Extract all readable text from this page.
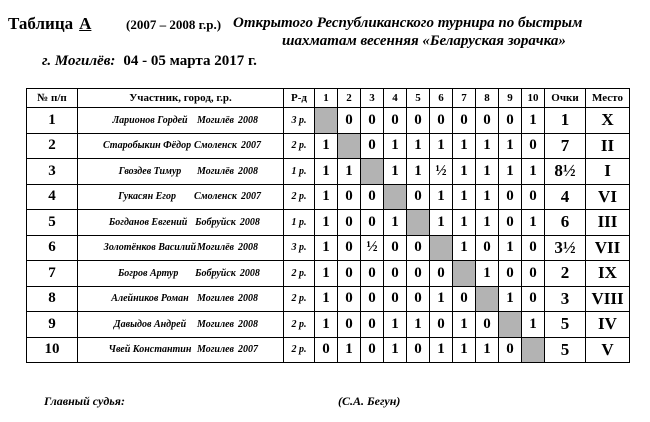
Таблица А	(2007 – 2008 г.р.) Открытого Республиканского турнира по быстрым
шахматам весенняя «Беларуская зорачка»
г. Могилёв: 04 - 05 марта 2017 г.
№ п/п	Участник, город, г.р.	Р-д	1	2	3	4	5	6	7	8	9	10	Очки	Место
1	Ларионов Гордей Могилёв 2008	3 р.		0	0	0	0	0	0	0	0	1	1	X
2	Старобыкин Фёдор Смоленск 2007	2 р.	1		0	1	1	1	1	1	1	0	7	II
3	Гвоздев Тимур Могилёв 2008	1 р.	1	1		1	1	½	1	1	1	1	8½	I
4	Гукасян Егор Смоленск 2007	2 р.	1	0	0		0	1	1	1	0	0	4	VI
5	Богданов Евгений Бобруйск 2008	1 р.	1	0	0	1		1	1	1	0	1	6	III
6	Золотёнков ВасилийМогилёв 2008	3 р.	1	0	½	0	0		1	0	1	0	3½	VII
7	Богров Артур Бобруйск 2008	2 р.	1	0	0	0	0	0		1	0	0	2	IX
8	Алейников Роман Могилев 2008	2 р.	1	0	0	0	0	1	0		1	0	3	VIII
9	Давыдов Андрей Могилев 2008	2 р.	1	0	0	1	1	0	1	0		1	5	IV
10	Чвей Константин Могилев 2007	2 р.	0	1	0	1	0	1	1	1	0		5	V
Главный судья:	(С.А. Бегун)
